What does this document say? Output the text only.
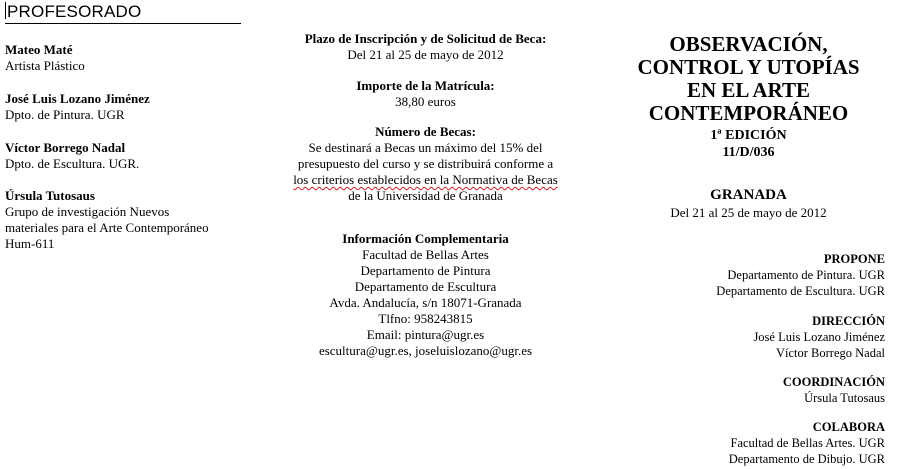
PROFESORADO
Mateo Maté
Artista Plástico
José Luis Lozano Jiménez
Dpto. de Pintura. UGR
Víctor Borrego Nadal
Dpto. de Escultura. UGR.
Úrsula Tutosaus
Grupo de investigación Nuevos
materiales para el Arte Contemporáneo
Hum-611
Plazo de Inscripción y de Solicitud de Beca:
Del 21 al 25 de mayo de 2012
Importe de la Matrícula:
38,80 euros
Número de Becas:
Se destinará a Becas un máximo del 15% del
presupuesto del curso y se distribuirá conforme a
los criterios establecidos en la Normativa de Becas
de la Universidad de Granada
Información Complementaria
Facultad de Bellas Artes
Departamento de Pintura
Departamento de Escultura
Avda. Andalucía, s/n 18071-Granada
Tlfno: 958243815
Email: pintura@ugr.es
escultura@ugr.es, joseluislozano@ugr.es
OBSERVACIÓN,
CONTROL Y UTOPÍAS
EN EL ARTE
CONTEMPORÁNEO
1ª EDICIÓN
11/D/036
GRANADA
Del 21 al 25 de mayo de 2012
PROPONE
Departamento de Pintura. UGR
Departamento de Escultura. UGR
DIRECCIÓN
José Luis Lozano Jiménez
Víctor Borrego Nadal
COORDINACIÓN
Úrsula Tutosaus
COLABORA
Facultad de Bellas Artes. UGR
Departamento de Dibujo. UGR
